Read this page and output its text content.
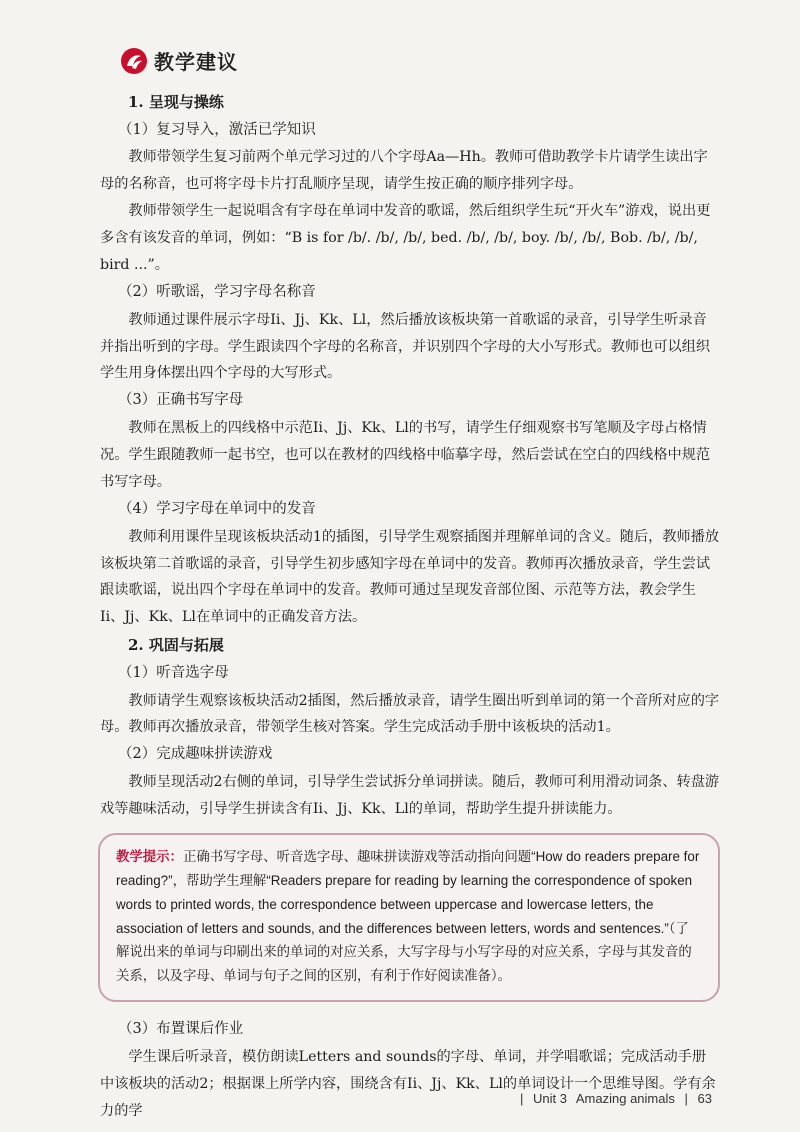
教学建议
1. 呈现与操练
（1）复习导入，激活已学知识

教师带领学生复习前两个单元学习过的八个字母Aa—Hh。教师可借助教学卡片请学生读出字母的名称音，也可将字母卡片打乱顺序呈现，请学生按正确的顺序排列字母。

教师带领学生一起说唱含有字母在单词中发音的歌谣，然后组织学生玩“开火车”游戏，说出更多含有该发音的单词，例如：“B is for /b/. /b/, /b/, bed. /b/, /b/, boy. /b/, /b/, Bob. /b/, /b/, bird ...”。

（2）听歌谣，学习字母名称音

教师通过课件展示字母Ii、Jj、Kk、Ll，然后播放该板块第一首歌谣的录音，引导学生听录音并指出听到的字母。学生跟读四个字母的名称音，并识别四个字母的大小写形式。教师也可以组织学生用身体摆出四个字母的大写形式。

（3）正确书写字母

教师在黑板上的四线格中示范Ii、Jj、Kk、Ll的书写，请学生仔细观察书写笔顺及字母占格情况。学生跟随教师一起书空，也可以在教材的四线格中临摹字母，然后尝试在空白的四线格中规范书写字母。

（4）学习字母在单词中的发音

教师利用课件呈现该板块活动1的插图，引导学生观察插图并理解单词的含义。随后，教师播放该板块第二首歌谣的录音，引导学生初步感知字母在单词中的发音。教师再次播放录音，学生尝试跟读歌谣，说出四个字母在单词中的发音。教师可通过呈现发音部位图、示范等方法，教会学生Ii、Jj、Kk、Ll在单词中的正确发音方法。

2. 巩固与拓展
（1）听音选字母

教师请学生观察该板块活动2插图，然后播放录音，请学生圈出听到单词的第一个音所对应的字母。教师再次播放录音，带领学生核对答案。学生完成活动手册中该板块的活动1。

（2）完成趣味拼读游戏

教师呈现活动2右侧的单词，引导学生尝试拆分单词拼读。随后，教师可利用滑动词条、转盘游戏等趣味活动，引导学生拼读含有Ii、Jj、Kk、Ll的单词，帮助学生提升拼读能力。

教学提示：正确书写字母、听音选字母、趣味拼读游戏等活动指向问题“How do readers prepare for reading?”，帮助学生理解“Readers prepare for reading by learning the correspondence of spoken words to printed words, the correspondence between uppercase and lowercase letters, the association of letters and sounds, and the differences between letters, words and sentences.”（了解说出来的单词与印刷出来的单词的对应关系，大写字母与小写字母的对应关系，字母与其发音的关系，以及字母、单词与句子之间的区别，有利于作好阅读准备）。
（3）布置课后作业

学生课后听录音，模仿朗读Letters and sounds的字母、单词，并学唱歌谣；完成活动手册中该板块的活动2；根据课上所学内容，围绕含有Ii、Jj、Kk、Ll的单词设计一个思维导图。学有余力的学

| Unit 3 Amazing animals | 63
